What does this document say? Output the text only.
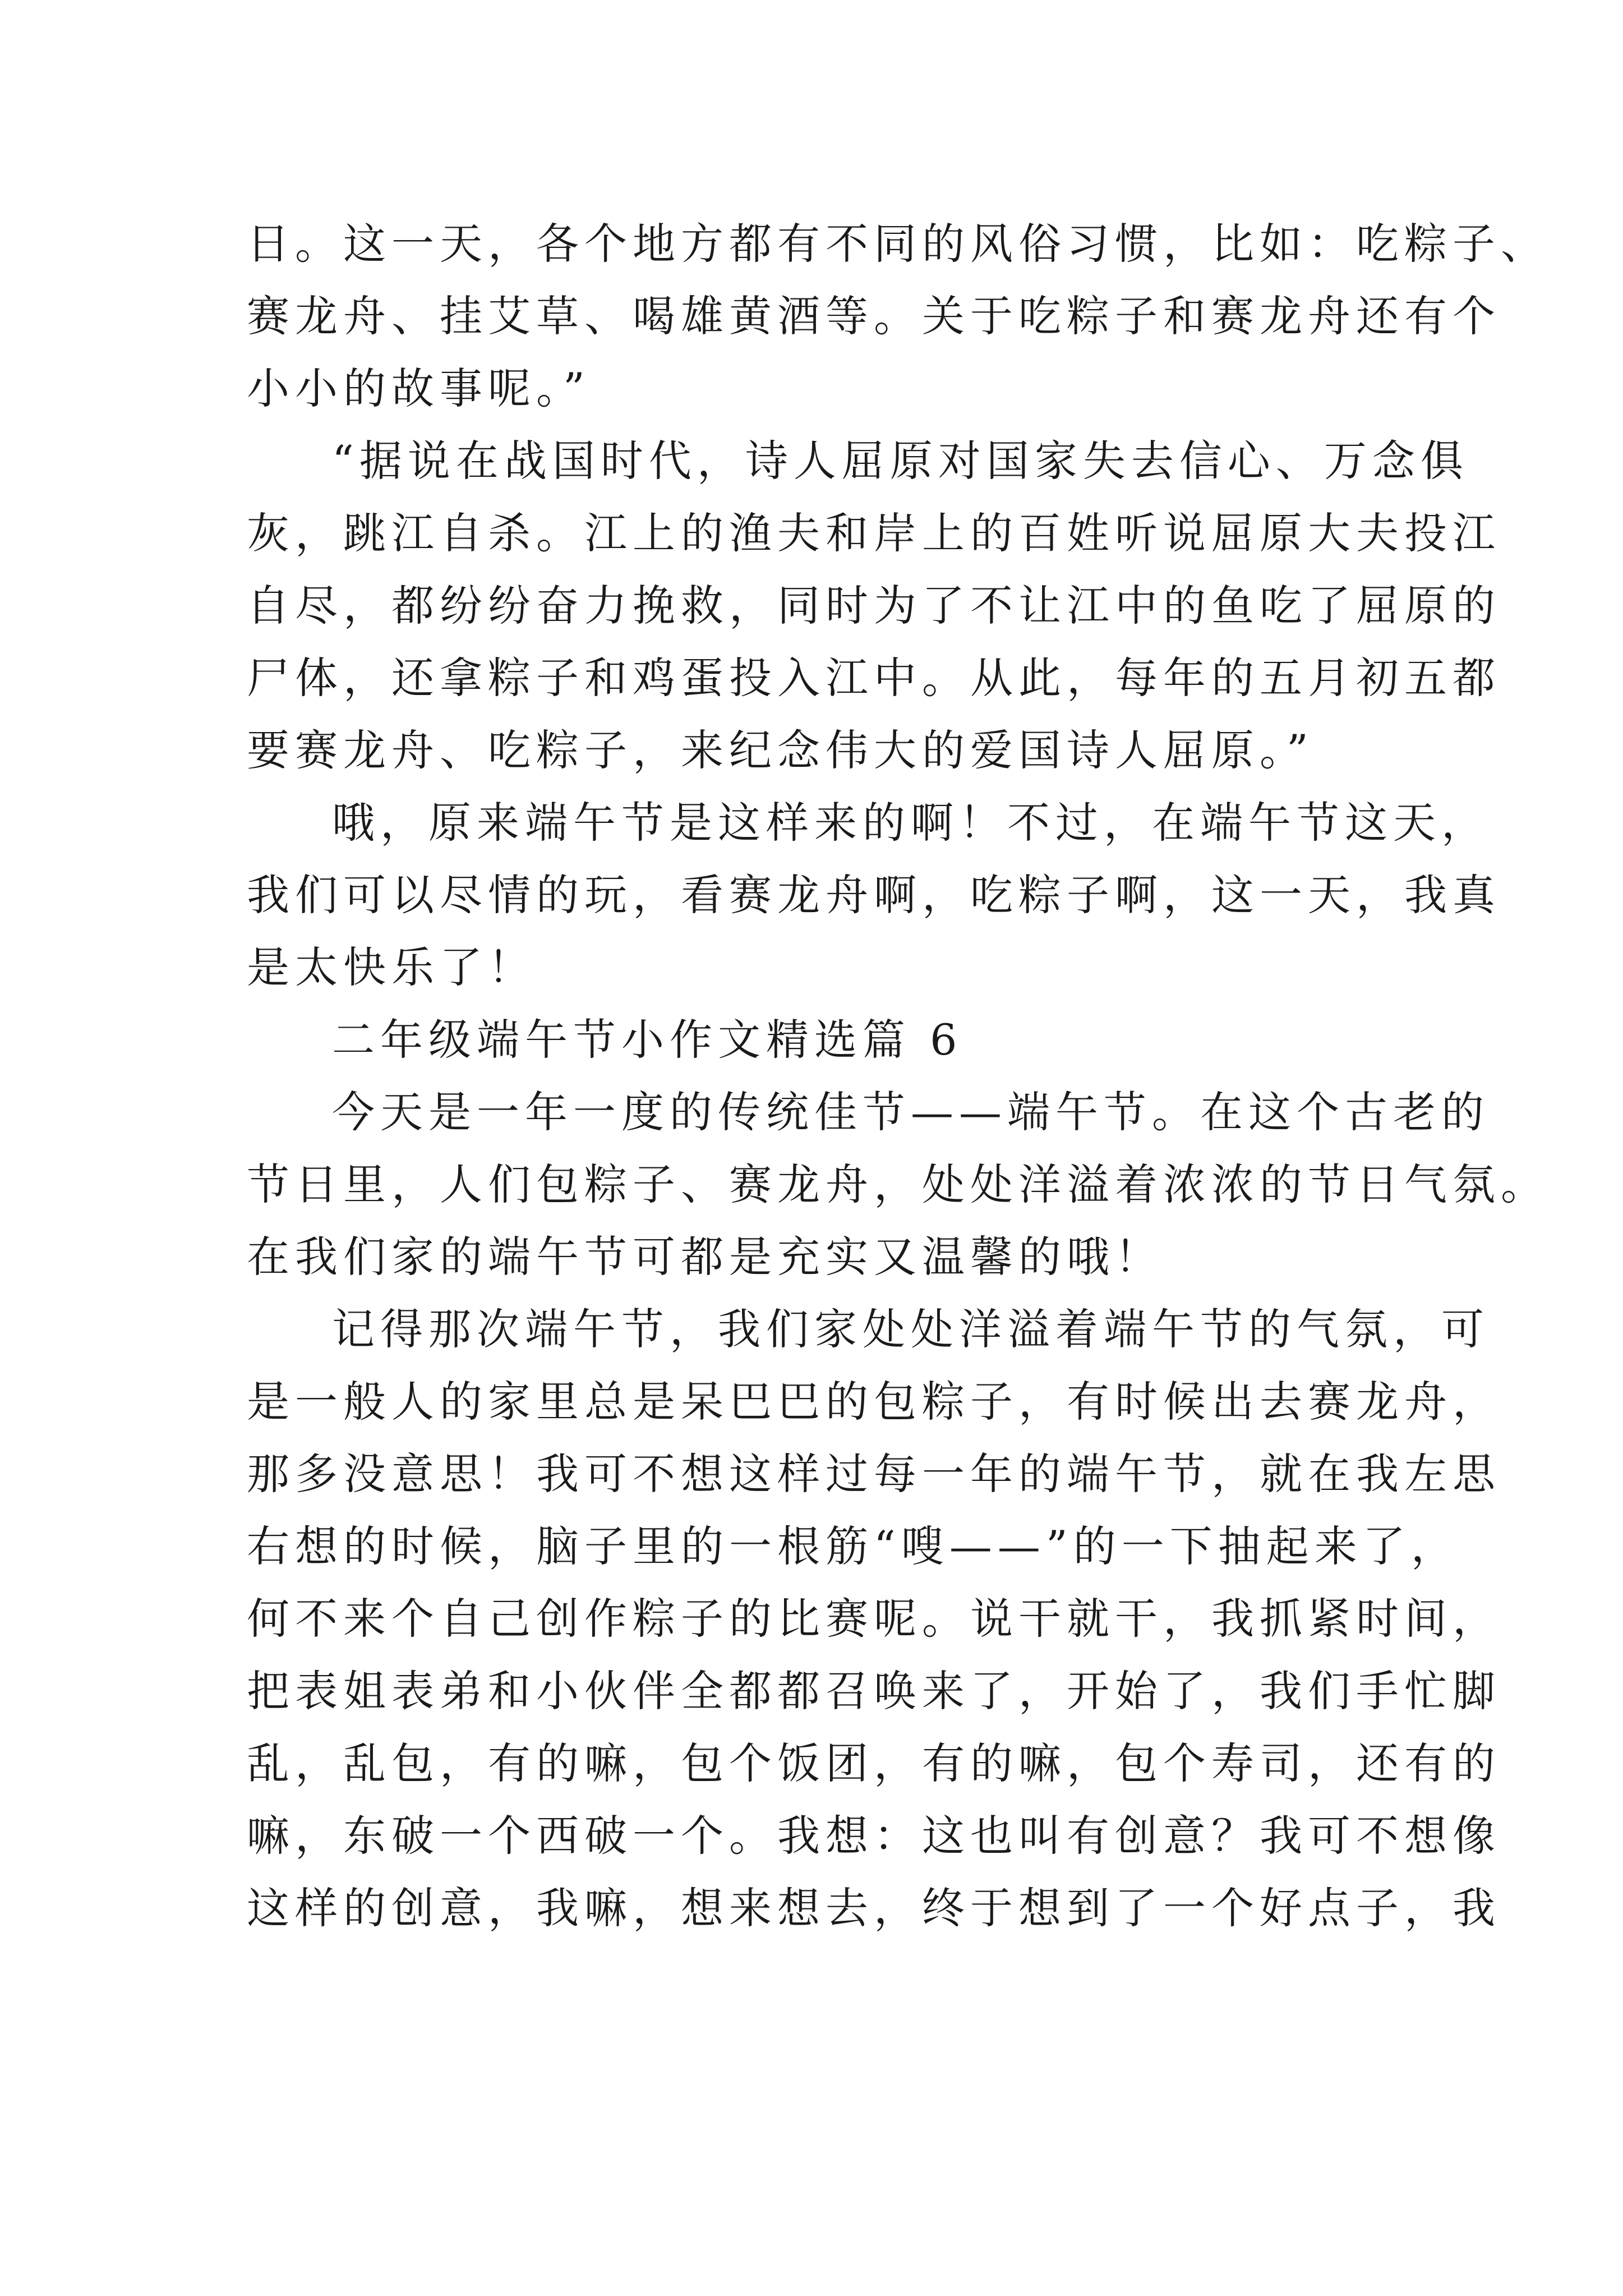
日。这一天，各个地方都有不同的风俗习惯，比如：吃粽子、
赛龙舟、挂艾草、喝雄黄酒等。关于吃粽子和赛龙舟还有个
小小的故事呢。”
“据说在战国时代，诗人屈原对国家失去信心、万念俱
灰，跳江自杀。江上的渔夫和岸上的百姓听说屈原大夫投江
自尽，都纷纷奋力挽救，同时为了不让江中的鱼吃了屈原的
尸体，还拿粽子和鸡蛋投入江中。从此，每年的五月初五都
要赛龙舟、吃粽子，来纪念伟大的爱国诗人屈原。”
哦，原来端午节是这样来的啊！不过，在端午节这天，
我们可以尽情的玩，看赛龙舟啊，吃粽子啊，这一天，我真
是太快乐了！
二年级端午节小作文精选篇 6
今天是一年一度的传统佳节——端午节。在这个古老的
节日里，人们包粽子、赛龙舟，处处洋溢着浓浓的节日气氛。
在我们家的端午节可都是充实又温馨的哦！
记得那次端午节，我们家处处洋溢着端午节的气氛，可
是一般人的家里总是呆巴巴的包粽子，有时候出去赛龙舟，
那多没意思！我可不想这样过每一年的端午节，就在我左思
右想的时候，脑子里的一根筋“嗖——”的一下抽起来了，
何不来个自己创作粽子的比赛呢。说干就干，我抓紧时间，
把表姐表弟和小伙伴全都都召唤来了，开始了，我们手忙脚
乱，乱包，有的嘛，包个饭团，有的嘛，包个寿司，还有的
嘛，东破一个西破一个。我想：这也叫有创意？我可不想像
这样的创意，我嘛，想来想去，终于想到了一个好点子，我
